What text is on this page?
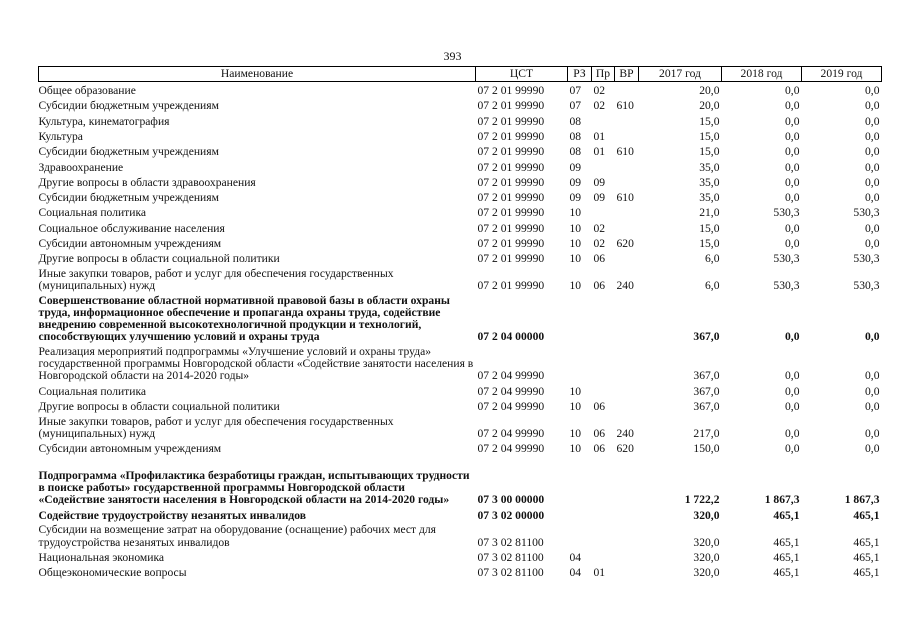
393
Наименование	ЦСТ	РЗ	Пр	ВР	2017 год	2018 год	2019 год
Общее образование	07 2 01 99990	07	02		20,0	0,0	0,0
Субсидии бюджетным учреждениям	07 2 01 99990	07	02	610	20,0	0,0	0,0
Культура, кинематография	07 2 01 99990	08			15,0	0,0	0,0
Культура	07 2 01 99990	08	01		15,0	0,0	0,0
Субсидии бюджетным учреждениям	07 2 01 99990	08	01	610	15,0	0,0	0,0
Здравоохранение	07 2 01 99990	09			35,0	0,0	0,0
Другие вопросы в области здравоохранения	07 2 01 99990	09	09		35,0	0,0	0,0
Субсидии бюджетным учреждениям	07 2 01 99990	09	09	610	35,0	0,0	0,0
Социальная политика	07 2 01 99990	10			21,0	530,3	530,3
Социальное обслуживание населения	07 2 01 99990	10	02		15,0	0,0	0,0
Субсидии автономным учреждениям	07 2 01 99990	10	02	620	15,0	0,0	0,0
Другие вопросы в области социальной политики	07 2 01 99990	10	06		6,0	530,3	530,3
Иные закупки товаров, работ и услуг для обеспечения государственных (муниципальных) нужд	07 2 01 99990	10	06	240	6,0	530,3	530,3
Совершенствование областной нормативной правовой базы в области охраны труда, информационное обеспечение и пропаганда охраны труда, содействие внедрению современной высокотехнологичной продукции и технологий, способствующих улучшению условий и охраны труда	07 2 04 00000				367,0	0,0	0,0
Реализация мероприятий подпрограммы «Улучшение условий и охраны труда» государственной программы Новгородской области «Содействие занятости населения в Новгородской области на 2014-2020 годы»	07 2 04 99990				367,0	0,0	0,0
Социальная политика	07 2 04 99990	10			367,0	0,0	0,0
Другие вопросы в области социальной политики	07 2 04 99990	10	06		367,0	0,0	0,0
Иные закупки товаров, работ и услуг для обеспечения государственных (муниципальных) нужд	07 2 04 99990	10	06	240	217,0	0,0	0,0
Субсидии автономным учреждениям	07 2 04 99990	10	06	620	150,0	0,0	0,0
Подпрограмма «Профилактика безработицы граждан, испытывающих трудности в поиске работы» государственной программы Новгородской области «Содействие занятости населения в Новгородской области на 2014-2020 годы»	07 3 00 00000				1 722,2	1 867,3	1 867,3
Содействие трудоустройству незанятых инвалидов	07 3 02 00000				320,0	465,1	465,1
Субсидии на возмещение затрат на оборудование (оснащение) рабочих мест для трудоустройства незанятых инвалидов	07 3 02 81100				320,0	465,1	465,1
Национальная экономика	07 3 02 81100	04			320,0	465,1	465,1
Общеэкономические вопросы	07 3 02 81100	04	01		320,0	465,1	465,1
